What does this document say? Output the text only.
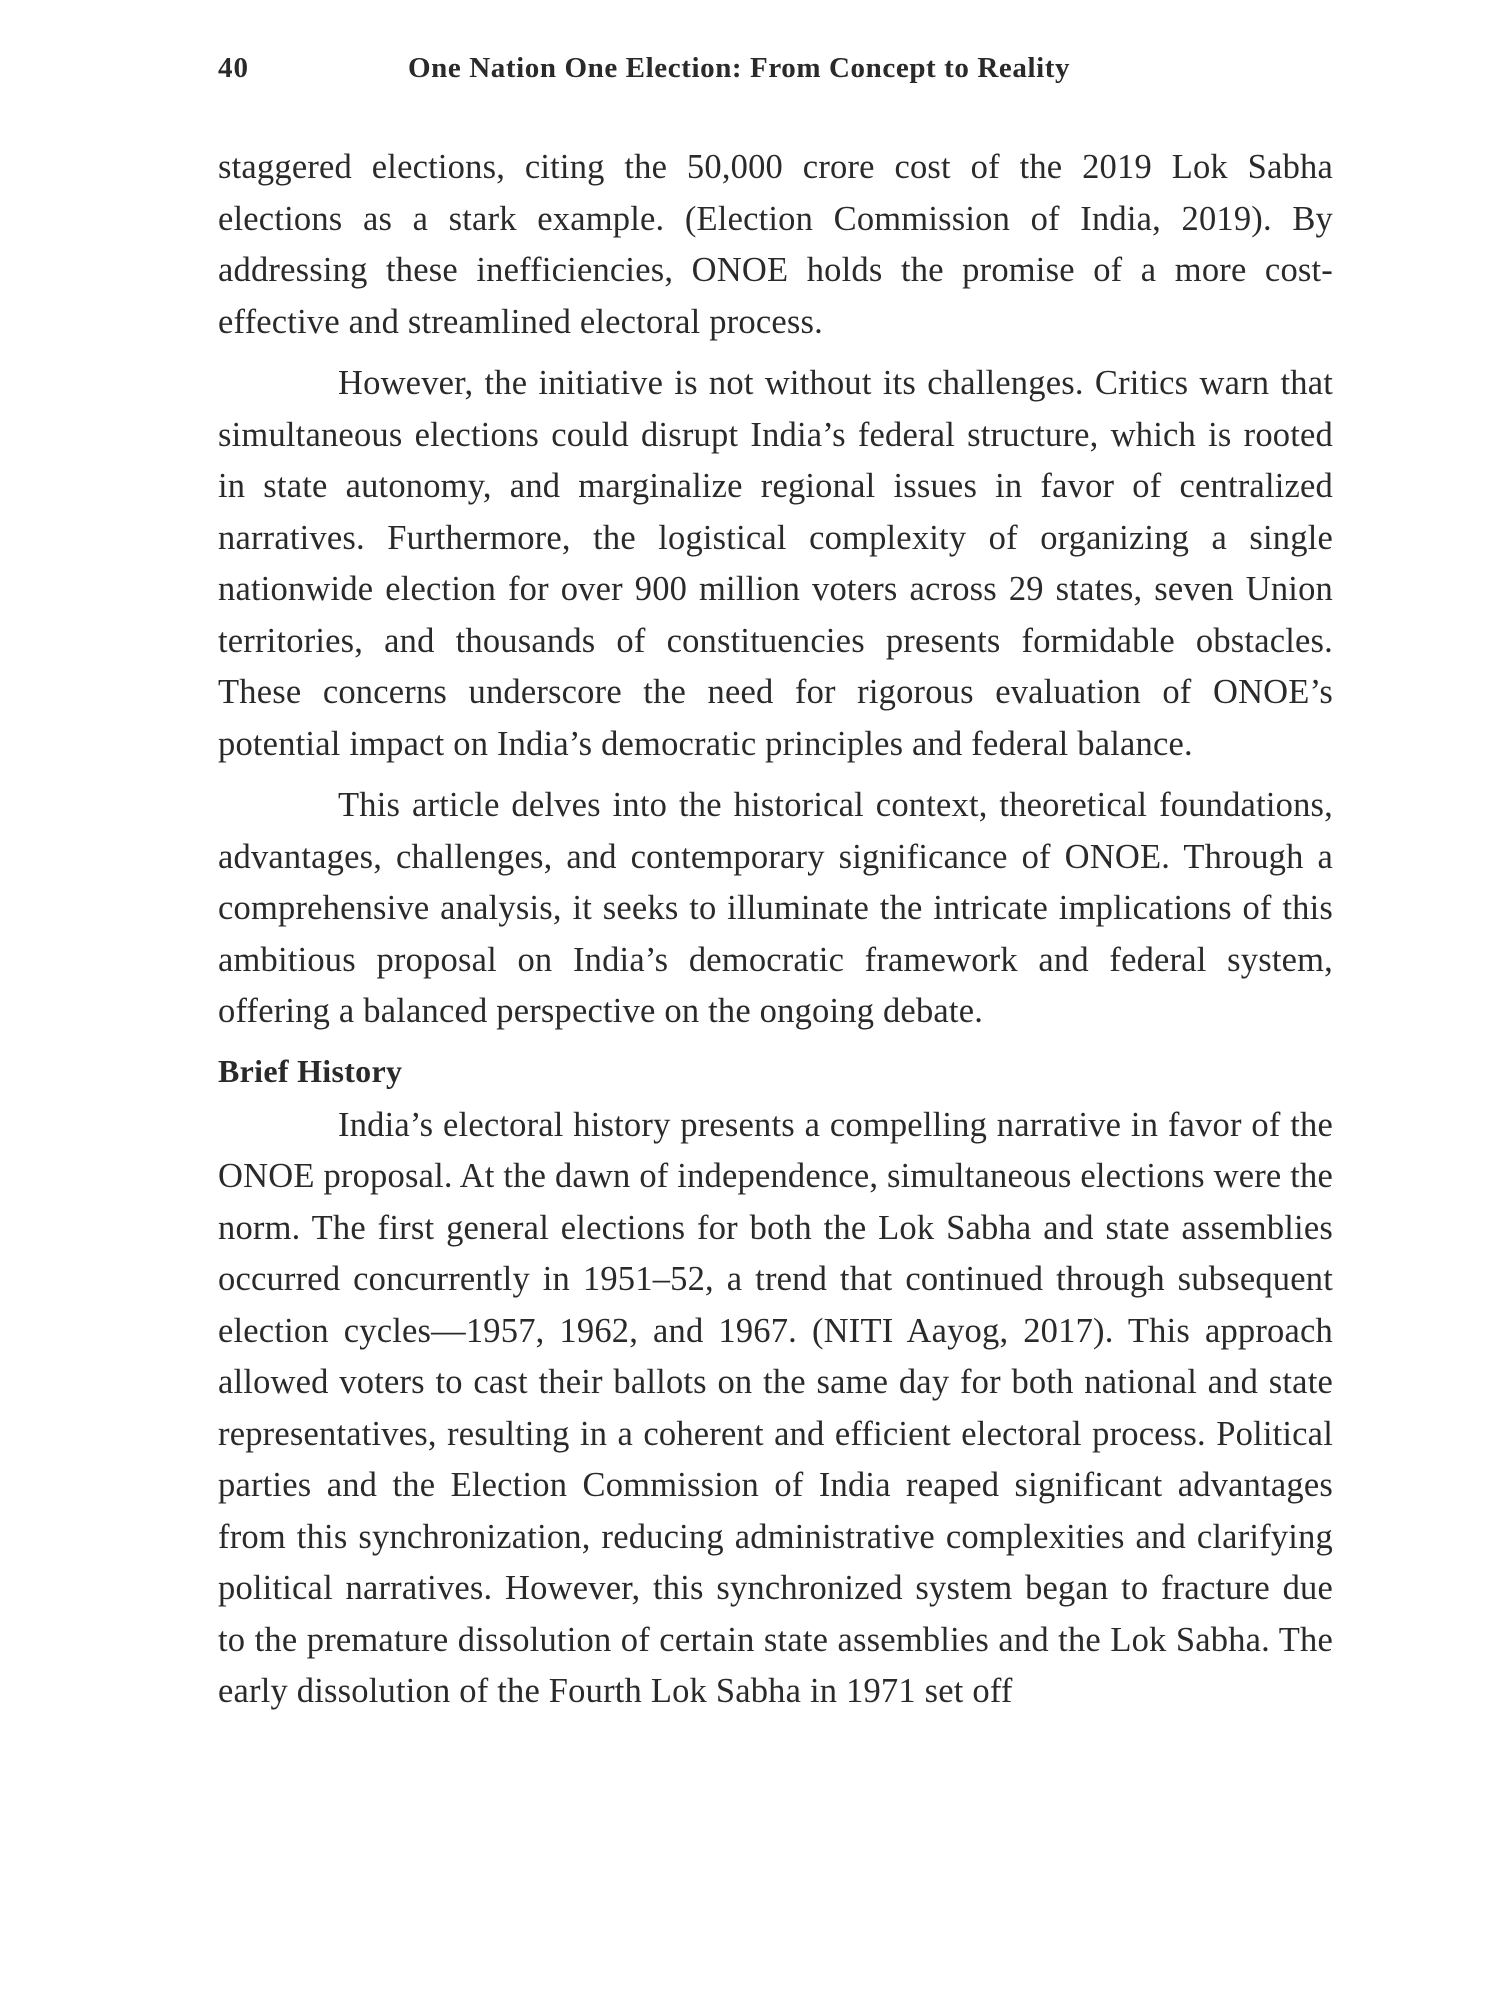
40	One Nation One Election: From Concept to Reality

staggered elections, citing the 50,000 crore cost of the 2019 Lok Sabha elections as a stark example. (Election Commission of India, 2019). By addressing these inefficiencies, ONOE holds the promise of a more cost-effective and streamlined electoral process.

However, the initiative is not without its challenges. Critics warn that simultaneous elections could disrupt India’s federal structure, which is rooted in state autonomy, and marginalize regional issues in favor of centralized narratives. Furthermore, the logistical complexity of organizing a single nationwide election for over 900 million voters across 29 states, seven Union territories, and thousands of constituencies presents formidable obstacles. These concerns underscore the need for rigorous evaluation of ONOE’s potential impact on India’s democratic principles and federal balance.

This article delves into the historical context, theoretical foundations, advantages, challenges, and contemporary significance of ONOE. Through a comprehensive analysis, it seeks to illuminate the intricate implications of this ambitious proposal on India’s democratic framework and federal system, offering a balanced perspective on the ongoing debate.

Brief History

India’s electoral history presents a compelling narrative in favor of the ONOE proposal. At the dawn of independence, simultaneous elections were the norm. The first general elections for both the Lok Sabha and state assemblies occurred concurrently in 1951–52, a trend that continued through subsequent election cycles—1957, 1962, and 1967. (NITI Aayog, 2017). This approach allowed voters to cast their ballots on the same day for both national and state representatives, resulting in a coherent and efficient electoral process. Political parties and the Election Commission of India reaped significant advantages from this synchronization, reducing administrative complexities and clarifying political narratives. However, this synchronized system began to fracture due to the premature dissolution of certain state assemblies and the Lok Sabha. The early dissolution of the Fourth Lok Sabha in 1971 set off
